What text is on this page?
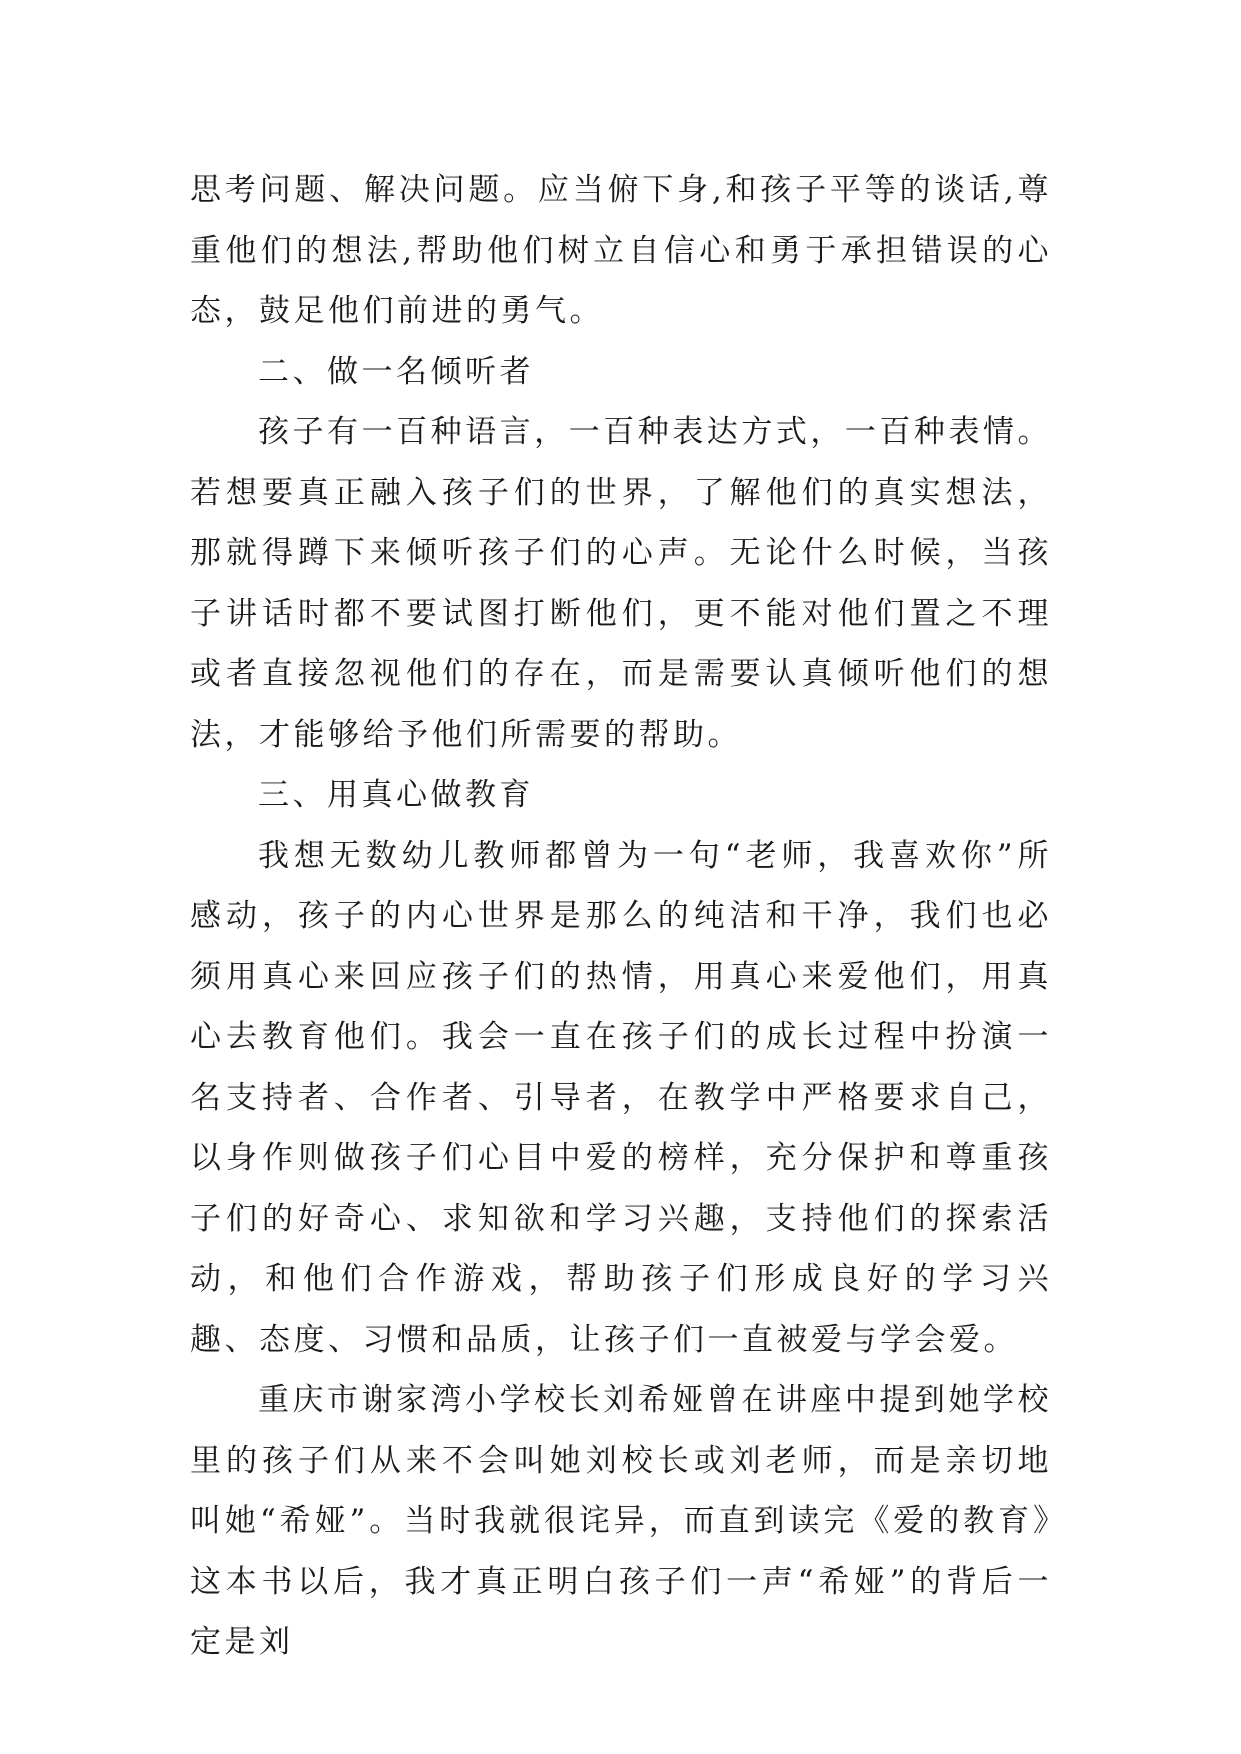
思考问题、解决问题。应当俯下身,和孩子平等的谈话,尊重他们的想法,帮助他们树立自信心和勇于承担错误的心态，鼓足他们前进的勇气。

二、做一名倾听者

孩子有一百种语言，一百种表达方式，一百种表情。若想要真正融入孩子们的世界，了解他们的真实想法，那就得蹲下来倾听孩子们的心声。无论什么时候，当孩子讲话时都不要试图打断他们，更不能对他们置之不理或者直接忽视他们的存在，而是需要认真倾听他们的想法，才能够给予他们所需要的帮助。

三、用真心做教育

我想无数幼儿教师都曾为一句“老师，我喜欢你”所感动，孩子的内心世界是那么的纯洁和干净，我们也必须用真心来回应孩子们的热情，用真心来爱他们，用真心去教育他们。我会一直在孩子们的成长过程中扮演一名支持者、合作者、引导者，在教学中严格要求自己，以身作则做孩子们心目中爱的榜样，充分保护和尊重孩子们的好奇心、求知欲和学习兴趣，支持他们的探索活动，和他们合作游戏，帮助孩子们形成良好的学习兴趣、态度、习惯和品质，让孩子们一直被爱与学会爱。

重庆市谢家湾小学校长刘希娅曾在讲座中提到她学校里的孩子们从来不会叫她刘校长或刘老师，而是亲切地叫她“希娅”。当时我就很诧异，而直到读完《爱的教育》这本书以后，我才真正明白孩子们一声“希娅”的背后一定是刘
